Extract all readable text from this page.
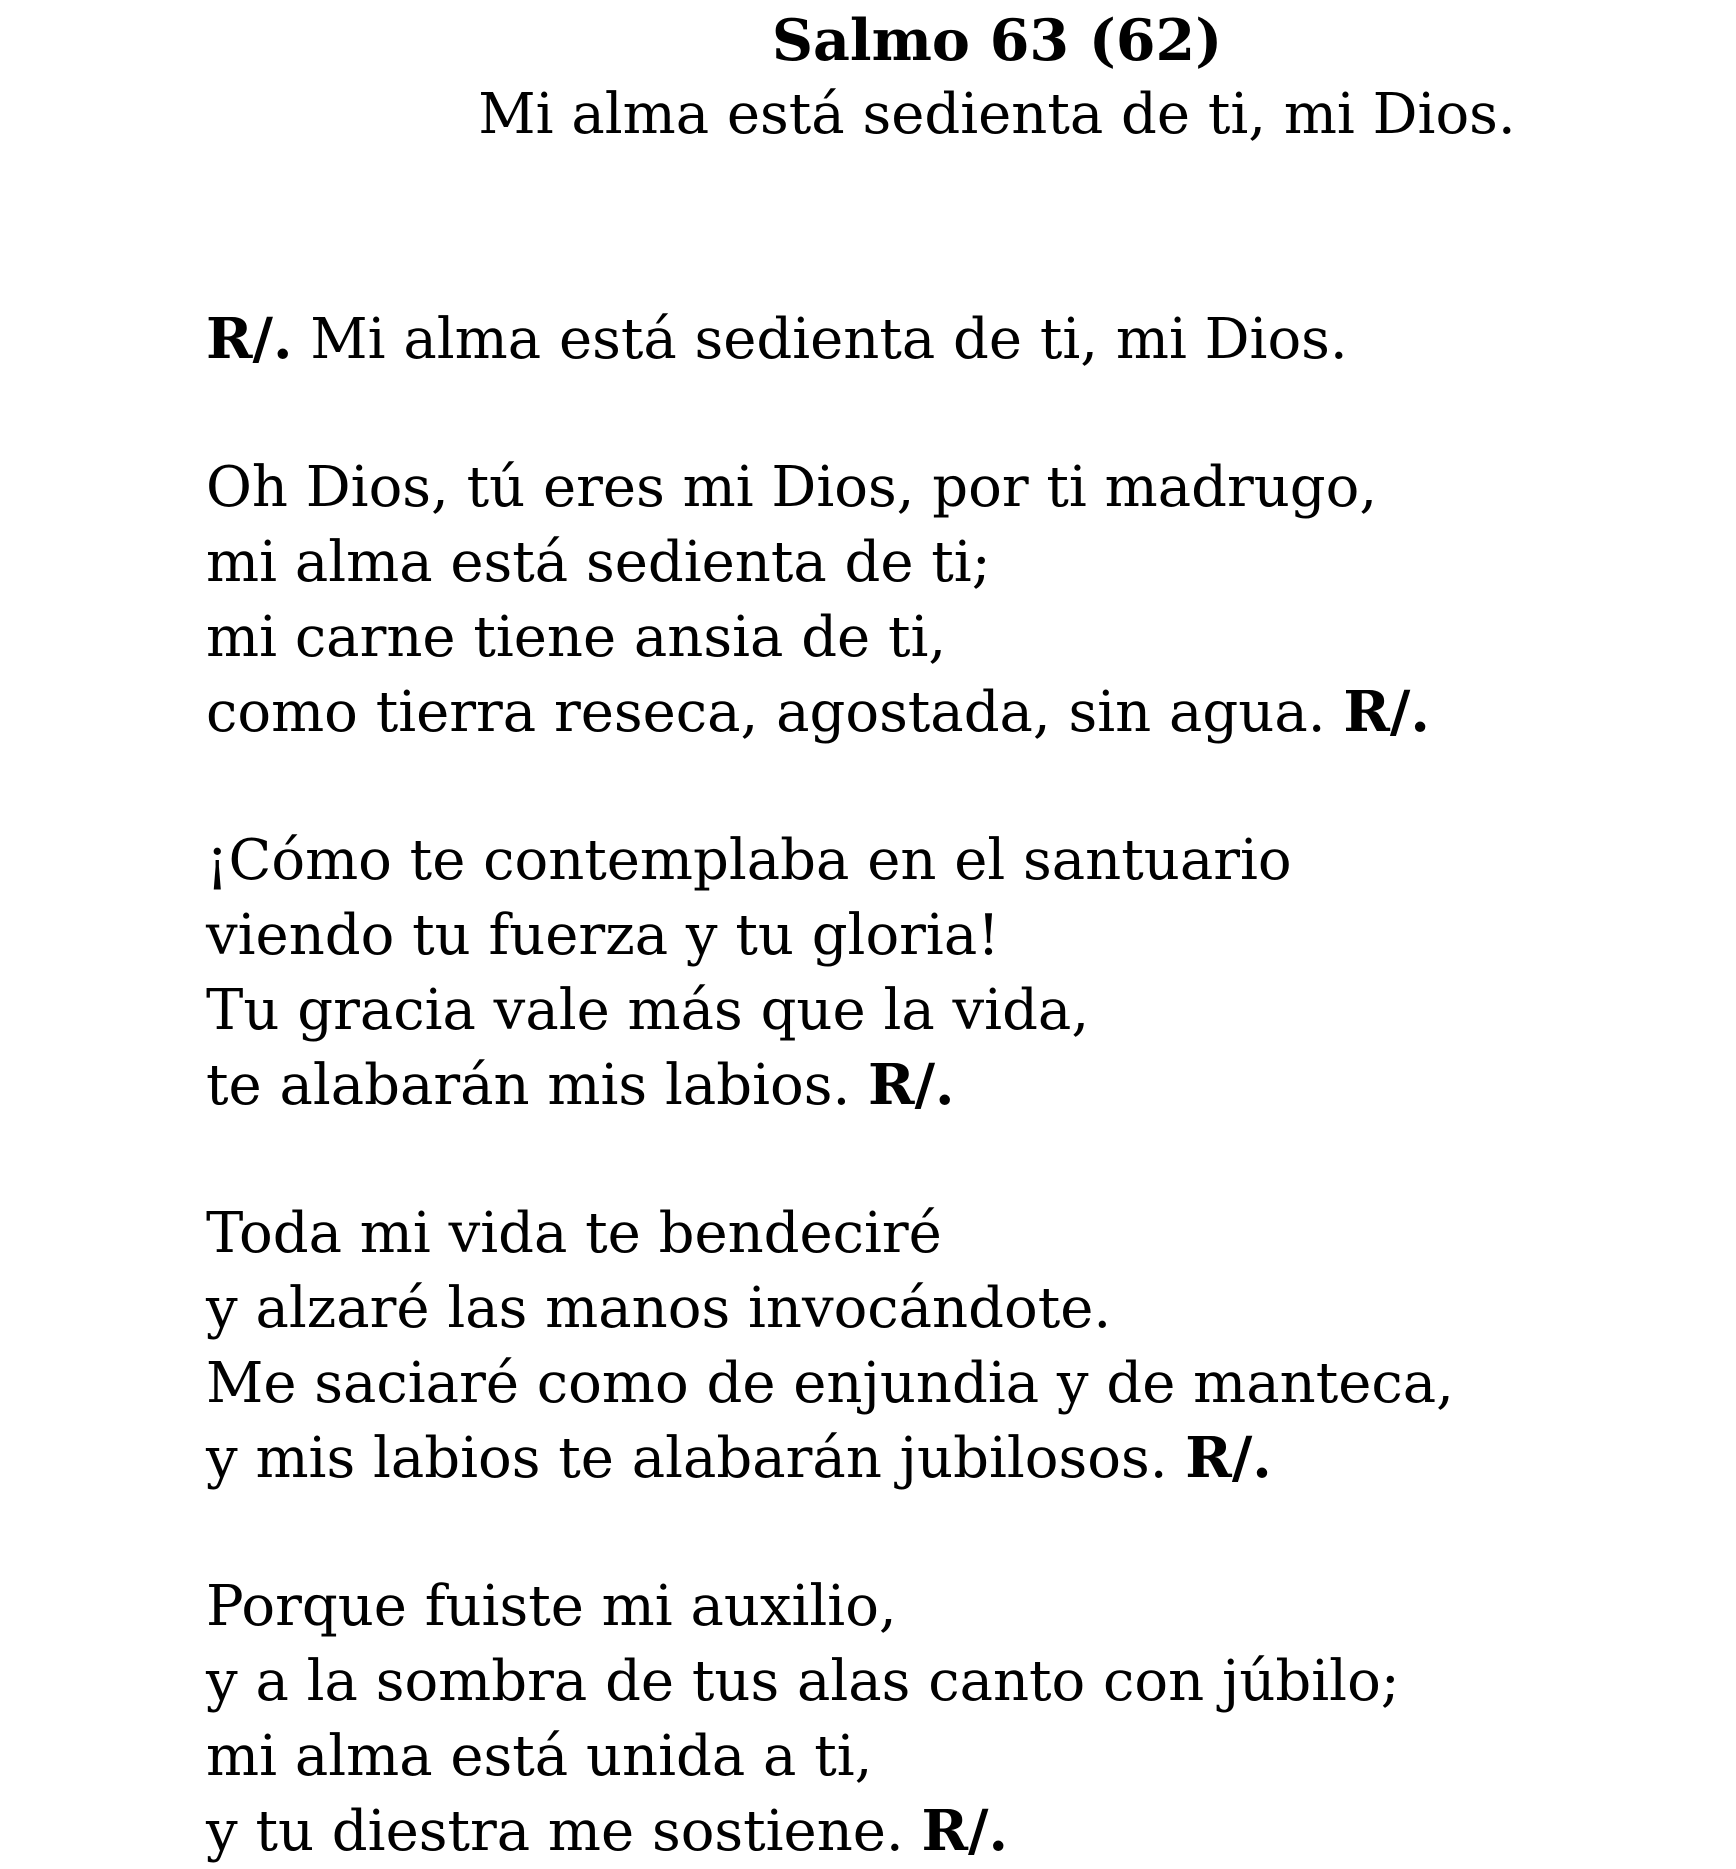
Salmo 63 (62)
Mi alma está sedienta de ti, mi Dios.
R/. Mi alma está sedienta de ti, mi Dios.
Oh Dios, tú eres mi Dios, por ti madrugo,
mi alma está sedienta de ti;
mi carne tiene ansia de ti,
como tierra reseca, agostada, sin agua. R/.
¡Cómo te contemplaba en el santuario
viendo tu fuerza y tu gloria!
Tu gracia vale más que la vida,
te alabarán mis labios. R/.
Toda mi vida te bendeciré
y alzaré las manos invocándote.
Me saciaré como de enjundia y de manteca,
y mis labios te alabarán jubilosos. R/.
Porque fuiste mi auxilio,
y a la sombra de tus alas canto con júbilo;
mi alma está unida a ti,
y tu diestra me sostiene. R/.
